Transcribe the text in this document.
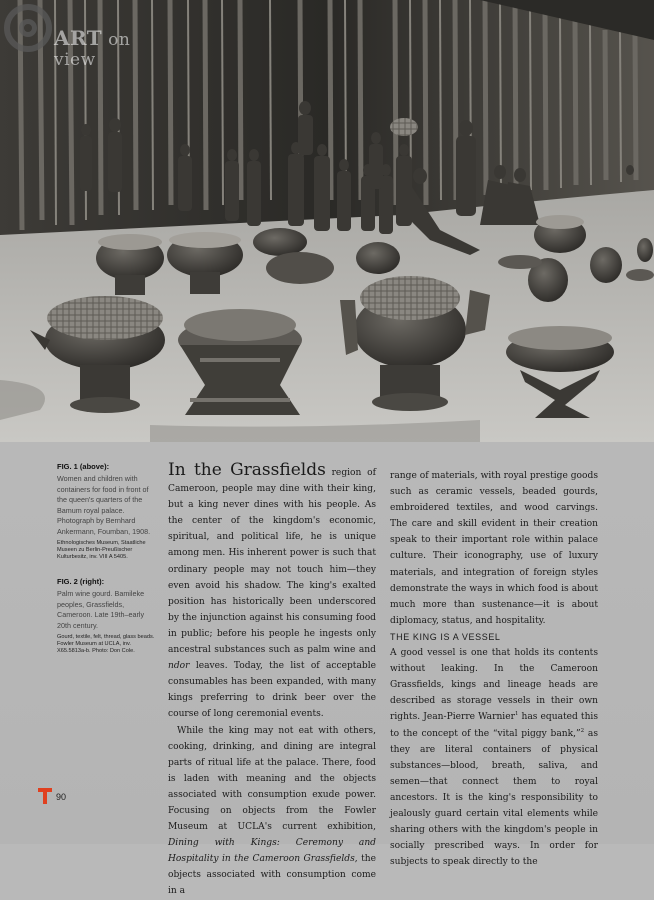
ART on view
FIG. 1 (above):
Women and children with containers for food in front of the queen's quarters of the Bamum royal palace. Photograph by Bernhard Ankermann, Foumban, 1908.
Ethnologisches Museum, Staatliche Museen zu Berlin-Preußischer Kulturbesitz, inv. VIII A 5405.
FIG. 2 (right):
Palm wine gourd. Bamileke peoples, Grassfields, Cameroon. Late 19th–early 20th century.
Gourd, textile, felt, thread, glass beads. Fowler Museum at UCLA, inv. X65.5813a-b. Photo: Don Cole.

In the Grassfields region of Cameroon, people may dine with their king, but a king never dines with his people. As the center of the kingdom's economic, spiritual, and political life, he is unique among men. His inherent power is such that ordinary people may not touch him—they even avoid his shadow. The king's exalted position has historically been underscored by the injunction against his consuming food in public; before his people he ingests only ancestral substances such as palm wine and ndor leaves. Today, the list of acceptable consumables has been expanded, with many kings preferring to drink beer over the course of long ceremonial events.

While the king may not eat with others, cooking, drinking, and dining are integral parts of ritual life at the palace. There, food is laden with meaning and the objects associated with consumption exude power. Focusing on objects from the Fowler Museum at UCLA's current exhibition, Dining with Kings: Ceremony and Hospitality in the Cameroon Grassfields, the objects associated with consumption come in a

range of materials, with royal prestige goods such as ceramic vessels, beaded gourds, embroidered textiles, and wood carvings. The care and skill evident in their creation speak to their important role within palace culture. Their iconography, use of luxury materials, and integration of foreign styles demonstrate the ways in which food is about much more than sustenance—it is about diplomacy, status, and hospitality.

THE KING IS A VESSEL

A good vessel is one that holds its contents without leaking. In the Cameroon Grassfields, kings and lineage heads are described as storage vessels in their own rights. Jean-Pierre Warnier$^1$ has equated this to the concept of the “vital piggy bank,”$^2$ as they are literal containers of physical substances—blood, breath, saliva, and semen—that connect them to royal ancestors. It is the king's responsibility to jealously guard certain vital elements while sharing others with the kingdom's people in socially prescribed ways. In order for subjects to speak directly to the

90
